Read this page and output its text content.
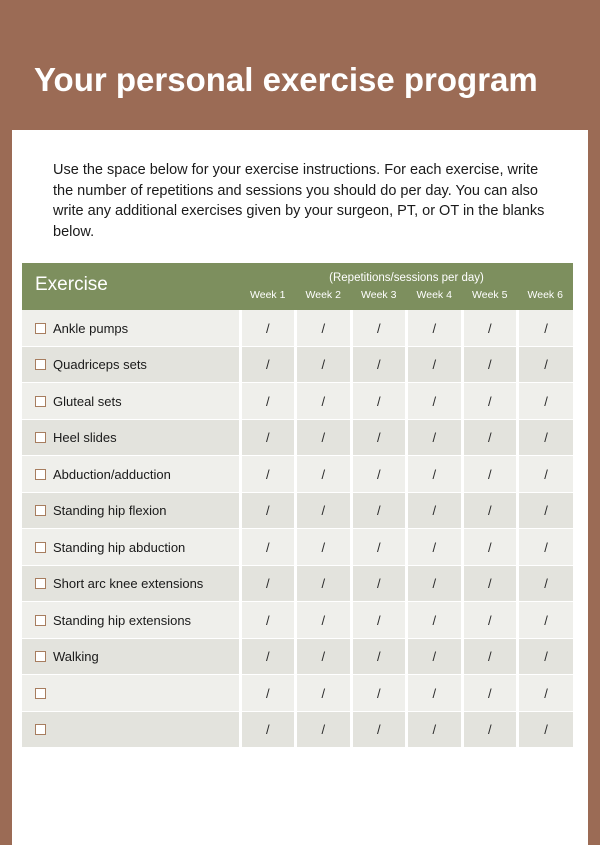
Your personal exercise program

Use the space below for your exercise instructions. For each exercise, write the number of repetitions and sessions you should do per day. You can also write any additional exercises given by your surgeon, PT, or OT in the blanks below.

Exercise	(Repetitions/sessions per day)
Week 1	Week 2	Week 3	Week 4	Week 5	Week 6

Ankle pumps	/	/	/	/	/	/

Quadriceps sets	/	/	/	/	/	/

Gluteal sets	/	/	/	/	/	/

Heel slides	/	/	/	/	/	/

Abduction/adduction	/	/	/	/	/	/

Standing hip flexion	/	/	/	/	/	/

Standing hip abduction	/	/	/	/	/	/

Short arc knee extensions	/	/	/	/	/	/

Standing hip extensions	/	/	/	/	/	/

Walking	/	/	/	/	/	/

	/	/	/	/	/	/

	/	/	/	/	/	/
